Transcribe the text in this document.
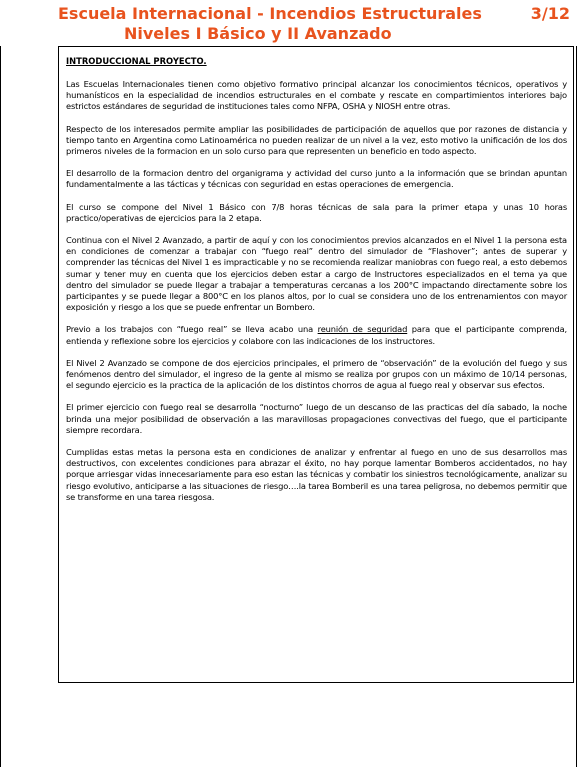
Escuela Internacional - Incendios Estructurales
Niveles I Básico y II Avanzado
3/12

INTRODUCCIONAL PROYECTO.

Las Escuelas Internacionales tienen como objetivo formativo principal alcanzar los conocimientos técnicos, operativos y humanísticos en la especialidad de incendios estructurales en el combate y rescate en compartimientos interiores bajo estrictos estándares de seguridad de instituciones tales como NFPA, OSHA y NIOSH entre otras.

Respecto de los interesados permite ampliar las posibilidades de participación de aquellos que por razones de distancia y tiempo tanto en Argentina como Latinoamérica no pueden realizar de un nivel a la vez, esto motivo la unificación de los dos primeros niveles de la formacion en un solo curso para que representen un beneficio en todo aspecto.

El desarrollo de la formacion dentro del organigrama y actividad del curso junto a la información que se brindan apuntan fundamentalmente a las tácticas y técnicas con seguridad en estas operaciones de emergencia.

El curso se compone del Nivel 1 Básico con 7/8 horas técnicas de sala para la primer etapa y unas 10 horas practico/operativas de ejercicios para la 2 etapa.

Continua con el Nivel 2 Avanzado, a partir de aquí y con los conocimientos previos alcanzados en el Nivel 1 la persona esta en condiciones de comenzar a trabajar con “fuego real” dentro del simulador de “Flashover”; antes de superar y comprender las técnicas del Nivel 1 es impracticable y no se recomienda realizar maniobras con fuego real, a esto debemos sumar y tener muy en cuenta que los ejercicios deben estar a cargo de Instructores especializados en el tema ya que dentro del simulador se puede llegar a trabajar a temperaturas cercanas a los 200°C impactando directamente sobre los participantes y se puede llegar a 800°C en los planos altos, por lo cual se considera uno de los entrenamientos con mayor exposición y riesgo a los que se puede enfrentar un Bombero.

Previo a los trabajos con “fuego real” se lleva acabo una reunión de seguridad para que el participante comprenda, entienda y reflexione sobre los ejercicios y colabore con las indicaciones de los instructores.

El Nivel 2 Avanzado se compone de dos ejercicios principales, el primero de “observación” de la evolución del fuego y sus fenómenos dentro del simulador, el ingreso de la gente al mismo se realiza por grupos con un máximo de 10/14 personas, el segundo ejercicio es la practica de la aplicación de los distintos chorros de agua al fuego real y observar sus efectos.

El primer ejercicio con fuego real se desarrolla “nocturno” luego de un descanso de las practicas del día sabado, la noche brinda una mejor posibilidad de observación a las maravillosas propagaciones convectivas del fuego, que el participante siempre recordara.

Cumplidas estas metas la persona esta en condiciones de analizar y enfrentar al fuego en uno de sus desarrollos mas destructivos, con excelentes condiciones para abrazar el éxito, no hay porque lamentar Bomberos accidentados, no hay porque arriesgar vidas innecesariamente para eso estan las técnicas y combatir los siniestros tecnológicamente, analizar su riesgo evolutivo, anticiparse a las situaciones de riesgo….la tarea Bomberil es una tarea peligrosa, no debemos permitir que se transforme en una tarea riesgosa.
